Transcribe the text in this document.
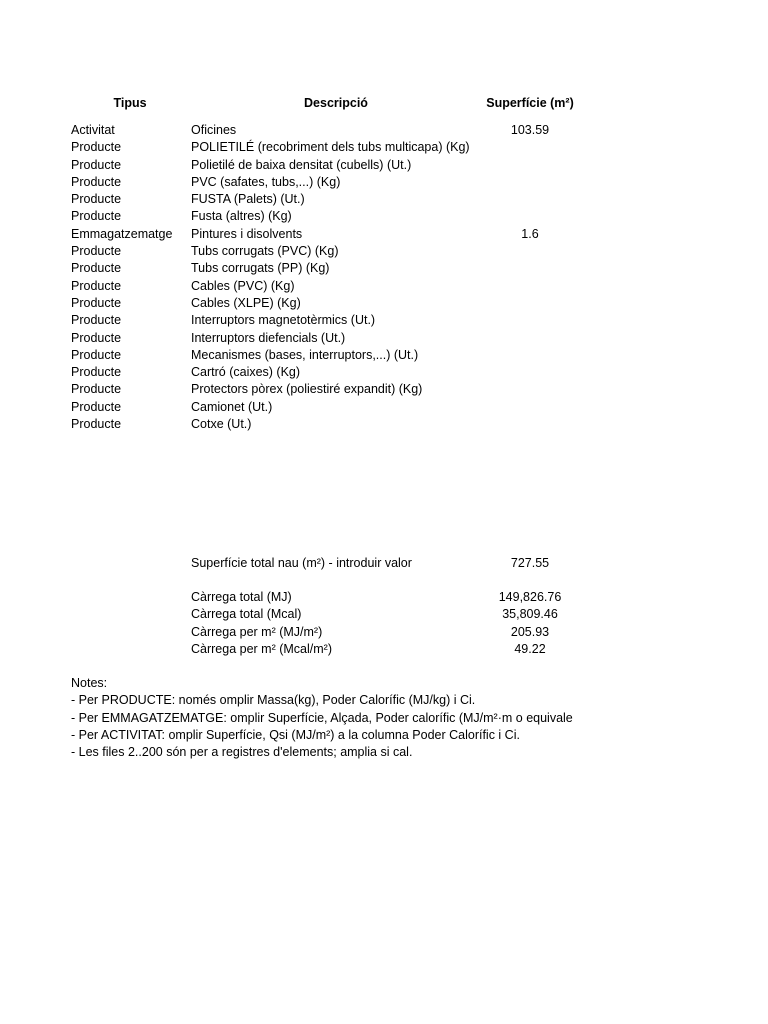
Tipus	Descripció	Superfície (m²)
Activitat	Oficines	103.59
Producte	POLIETILÉ (recobriment dels tubs multicapa) (Kg)
Producte	Polietilé de baixa densitat (cubells) (Ut.)
Producte	PVC (safates, tubs,...) (Kg)
Producte	FUSTA (Palets) (Ut.)
Producte	Fusta (altres) (Kg)
Emmagatzematge	Pintures i disolvents	1.6
Producte	Tubs corrugats (PVC) (Kg)
Producte	Tubs corrugats (PP) (Kg)
Producte	Cables (PVC) (Kg)
Producte	Cables (XLPE) (Kg)
Producte	Interruptors magnetotèrmics (Ut.)
Producte	Interruptors diefencials (Ut.)
Producte	Mecanismes (bases, interruptors,...) (Ut.)
Producte	Cartró (caixes) (Kg)
Producte	Protectors pòrex (poliestiré expandit) (Kg)
Producte	Camionet (Ut.)
Producte	Cotxe (Ut.)
Superfície total nau (m²) - introduir valor	727.55
Càrrega total (MJ)	149,826.76
Càrrega total (Mcal)	35,809.46
Càrrega per m² (MJ/m²)	205.93
Càrrega per m² (Mcal/m²)	49.22
Notes:
- Per PRODUCTE: només omplir Massa(kg), Poder Calorífic (MJ/kg) i Ci.
- Per EMMAGATZEMATGE: omplir Superfície, Alçada, Poder calorífic (MJ/m²·m o equivale
- Per ACTIVITAT: omplir Superfície, Qsi (MJ/m²) a la columna Poder Calorífic i Ci.
- Les files 2..200 són per a registres d'elements; amplia si cal.
